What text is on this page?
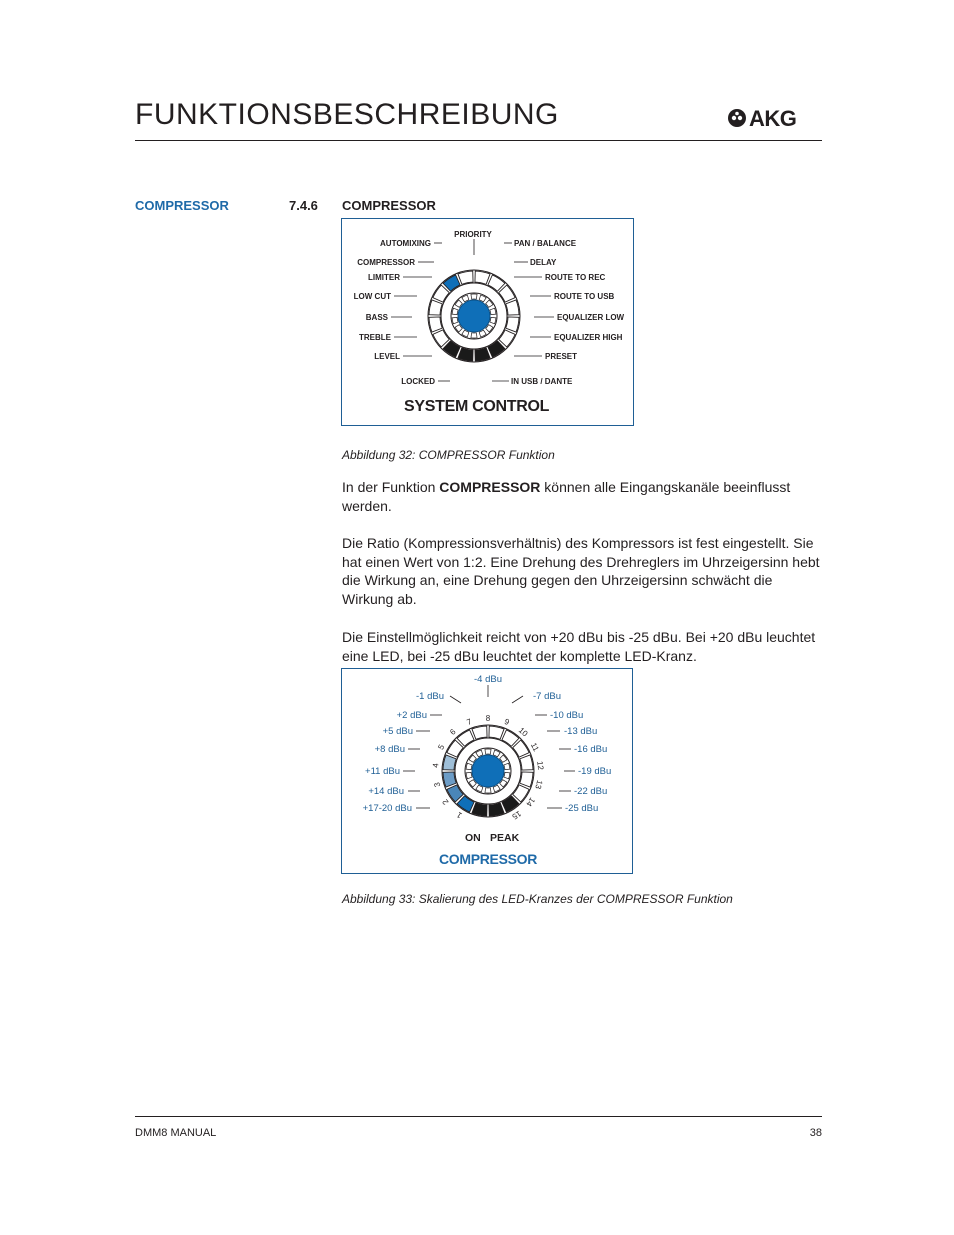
FUNKTIONSBESCHREIBUNG	AKG
COMPRESSOR	7.4.6 COMPRESSOR
AUTOMIXING
COMPRESSOR
LIMITER
LOW CUT
BASS
TREBLE
LEVEL
LOCKED
PRIORITY
PAN / BALANCE
DELAY
ROUTE TO REC
ROUTE TO USB
EQUALIZER LOW
EQUALIZER HIGH
PRESET
IN USB / DANTE
SYSTEM CONTROL
Abbildung 32: COMPRESSOR Funktion
In der Funktion COMPRESSOR können alle Eingangskanäle beeinflusst werden.
Die Ratio (Kompressionsverhältnis) des Kompressors ist fest eingestellt. Sie hat einen Wert von 1:2. Eine Drehung des Drehreglers im Uhrzeigersinn hebt die Wirkung an, eine Drehung gegen den Uhrzeigersinn schwächt die Wirkung ab.
Die Einstellmöglichkeit reicht von +20 dBu bis -25 dBu. Bei +20 dBu leuchtet eine LED, bei -25 dBu leuchtet der komplette LED-Kranz.
1
2
3
4
5
6
7 8 9
10
11
12
13
14
15
-4 dBu
-1 dBu
+2 dBu
+5 dBu
+8 dBu
+11 dBu
+14 dBu
+17-20 dBu
-7 dBu
-10 dBu
-13 dBu
-16 dBu
-19 dBu
-22 dBu
-25 dBu
ON PEAK
COMPRESSOR
Abbildung 33: Skalierung des LED-Kranzes der COMPRESSOR Funktion
DMM8 MANUAL	38
